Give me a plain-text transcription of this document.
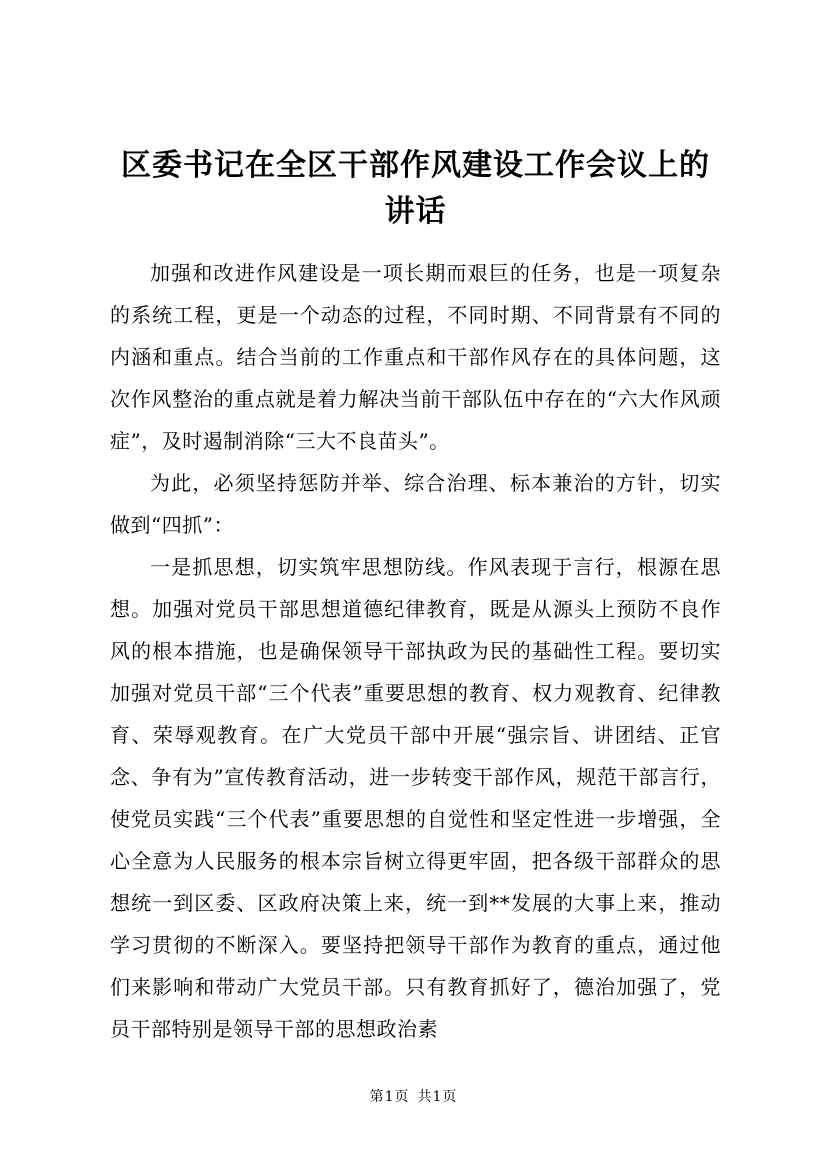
区委书记在全区干部作风建设工作会议上的讲话

加强和改进作风建设是一项长期而艰巨的任务，也是一项复杂的系统工程，更是一个动态的过程，不同时期、不同背景有不同的内涵和重点。结合当前的工作重点和干部作风存在的具体问题，这次作风整治的重点就是着力解决当前干部队伍中存在的“六大作风顽症”，及时遏制消除“三大不良苗头”。

为此，必须坚持惩防并举、综合治理、标本兼治的方针，切实做到“四抓”：

一是抓思想，切实筑牢思想防线。作风表现于言行，根源在思想。加强对党员干部思想道德纪律教育，既是从源头上预防不良作风的根本措施，也是确保领导干部执政为民的基础性工程。要切实加强对党员干部“三个代表”重要思想的教育、权力观教育、纪律教育、荣辱观教育。在广大党员干部中开展“强宗旨、讲团结、正官念、争有为”宣传教育活动，进一步转变干部作风，规范干部言行，使党员实践“三个代表”重要思想的自觉性和坚定性进一步增强，全心全意为人民服务的根本宗旨树立得更牢固，把各级干部群众的思想统一到区委、区政府决策上来，统一到**发展的大事上来，推动学习贯彻的不断深入。要坚持把领导干部作为教育的重点，通过他们来影响和带动广大党员干部。只有教育抓好了，德治加强了，党员干部特别是领导干部的思想政治素

第1页 共1页
